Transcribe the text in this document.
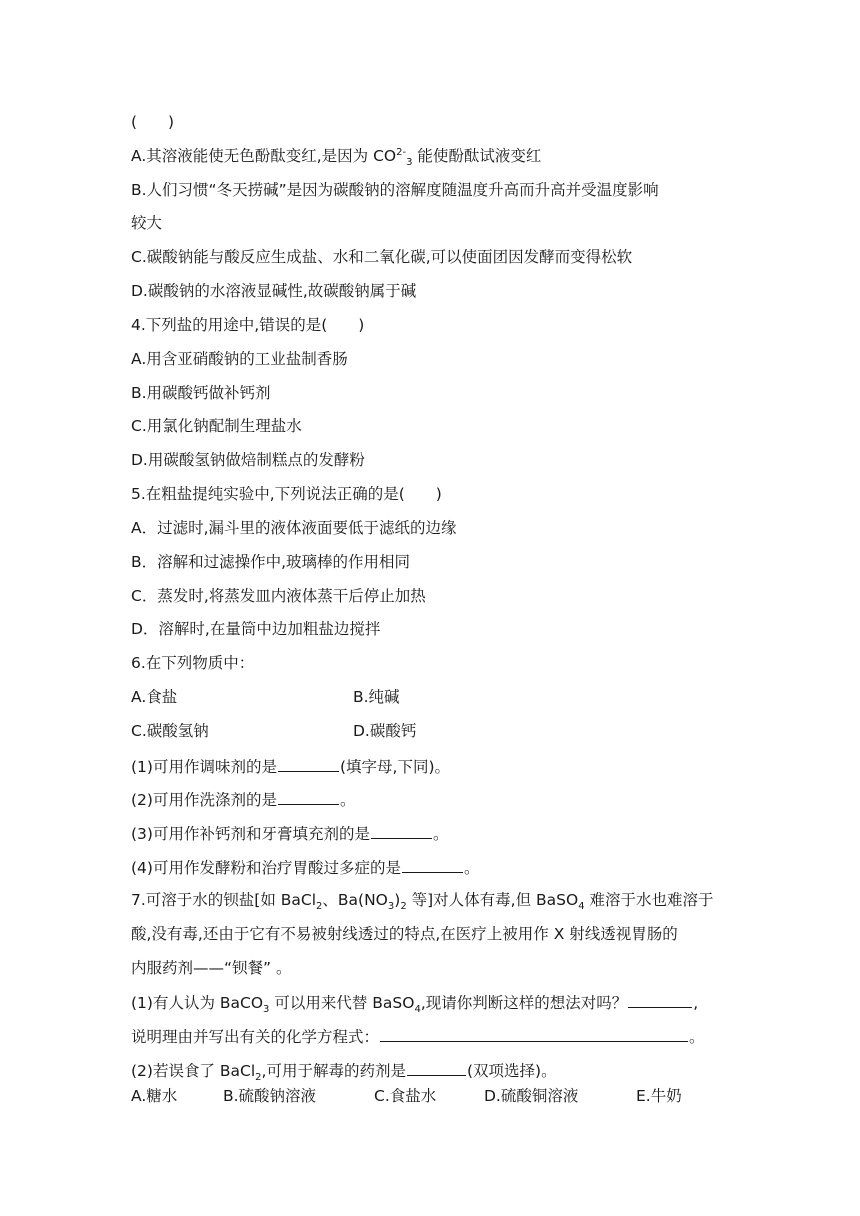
(　　)
A.其溶液能使无色酚酞变红,是因为 $CO^{2-}_3$ 能使酚酞试液变红
B.人们习惯“冬天捞碱”是因为碳酸钠的溶解度随温度升高而升高并受温度影响
较大
C.碳酸钠能与酸反应生成盐、水和二氧化碳,可以使面团因发酵而变得松软
D.碳酸钠的水溶液显碱性,故碳酸钠属于碱
4.下列盐的用途中,错误的是(　　)
A.用含亚硝酸钠的工业盐制香肠
B.用碳酸钙做补钙剂
C.用氯化钠配制生理盐水
D.用碳酸氢钠做焙制糕点的发酵粉
5.在粗盐提纯实验中,下列说法正确的是(　　)
A．过滤时,漏斗里的液体液面要低于滤纸的边缘
B．溶解和过滤操作中,玻璃棒的作用相同
C．蒸发时,将蒸发皿内液体蒸干后停止加热
D．溶解时,在量筒中边加粗盐边搅拌
6.在下列物质中：
A.食盐	B.纯碱
C.碳酸氢钠	D.碳酸钙
(1)可用作调味剂的是	(填字母,下同)。
(2)可用作洗涤剂的是	。
(3)可用作补钙剂和牙膏填充剂的是	。
(4)可用作发酵粉和治疗胃酸过多症的是	。
7.可溶于水的钡盐[如 BaCl$_2$、$Ba(NO_3)_2$ 等]对人体有毒,但 BaSO$_4$ 难溶于水也难溶于
酸,没有毒,还由于它有不易被射线透过的特点,在医疗上被用作 X 射线透视胃肠的
内服药剂——“钡餐” 。
(1)有人认为 BaCO$_3$ 可以用来代替 BaSO$_4$,现请你判断这样的想法对吗？	,
说明理由并写出有关的化学方程式：	。
(2)若误食了 BaCl$_2$,可用于解毒的药剂是	(双项选择)。
A.糖水	B.硫酸钠溶液	C.食盐水	D.硫酸铜溶液	E.牛奶
